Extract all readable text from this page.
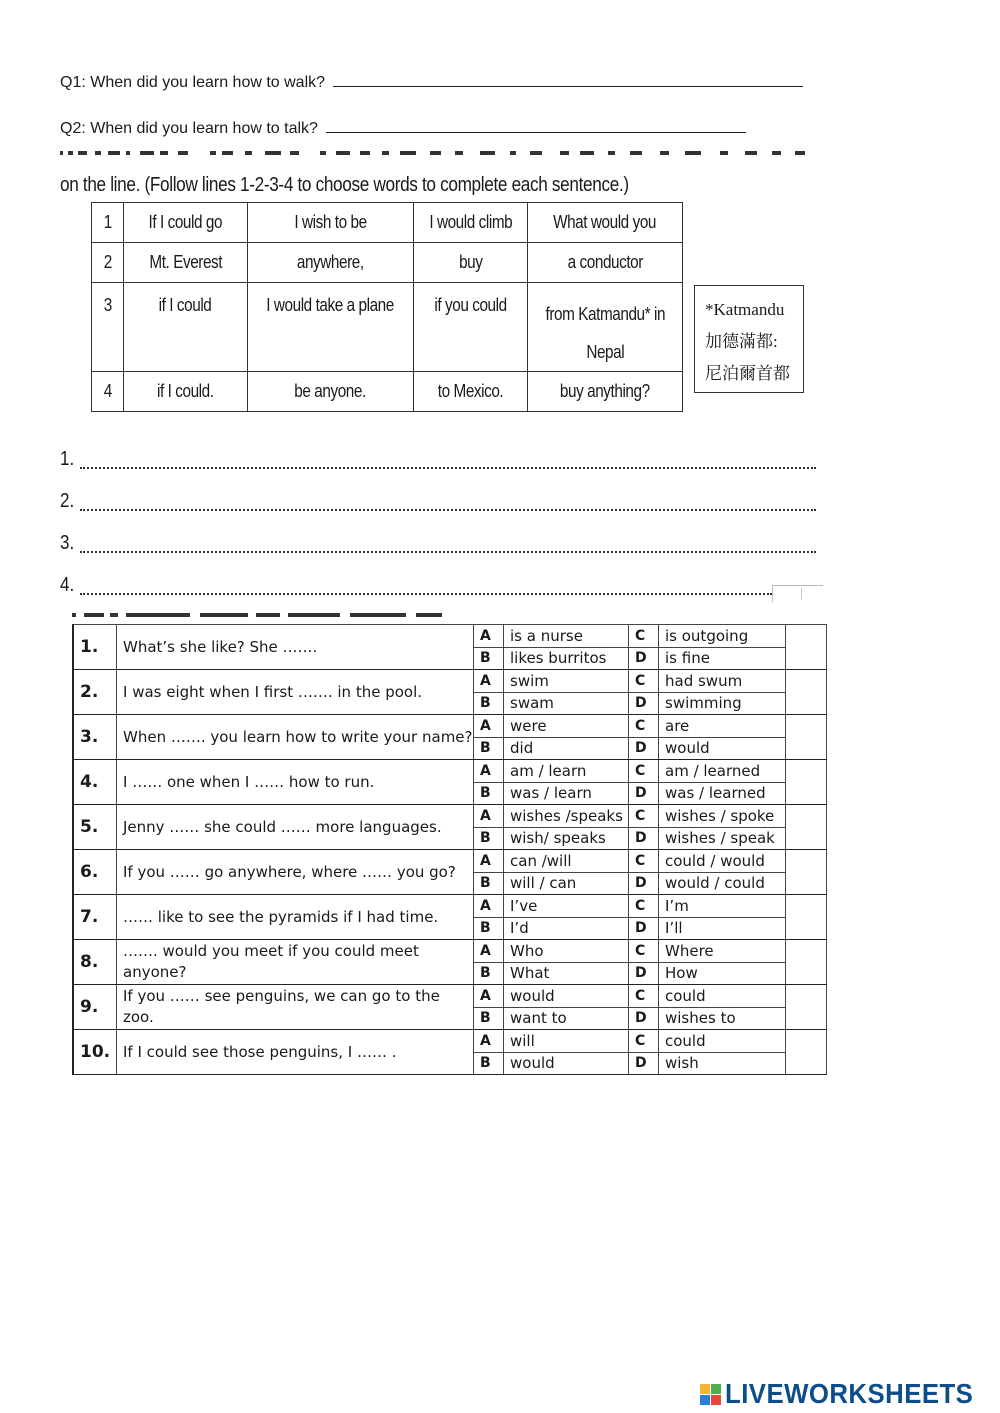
Q1: When did you learn how to walk?
Q2: When did you learn how to talk?
on the line. (Follow lines 1-2-3-4 to choose words to complete each sentence.)
1	If I could go	I wish to be	I would climb	What would you
2	Mt. Everest	anywhere,	buy	a conductor
3	if I could	I would take a plane	if you could	from Katmandu* in
Nepal
4	if I could.	be anyone.	to Mexico.	buy anything?
*Katmandu
加德滿都:
尼泊爾首都
1.
2.
3.
4.
1.	What’s she like? She …….	A	is a nurse	C	is outgoing	
		B	likes burritos	D	is fine	
2.	I was eight when I first ……. in the pool.	A	swim	C	had swum	
		B	swam	D	swimming	
3.	When ……. you learn how to write your name?	A	were	C	are	
		B	did	D	would	
4.	I …… one when I …… how to run.	A	am / learn	C	am / learned	
		B	was / learn	D	was / learned	
5.	Jenny …… she could …… more languages.	A	wishes /speaks	C	wishes / spoke	
		B	wish/ speaks	D	wishes / speak	
6.	If you …… go anywhere, where …… you go?	A	can /will	C	could / would	
		B	will / can	D	would / could	
7.	…… like to see the pyramids if I had time.	A	I’ve	C	I’m	
		B	I’d	D	I’ll	
8.	……. would you meet if you could meet anyone?	A	Who	C	Where	
		B	What	D	How	
9.	If you …… see penguins, we can go to the zoo.	A	would	C	could	
		B	want to	D	wishes to	
10.	If I could see those penguins, I …… .	A	will	C	could	
		B	would	D	wish	
LIVEWORKSHEETS
